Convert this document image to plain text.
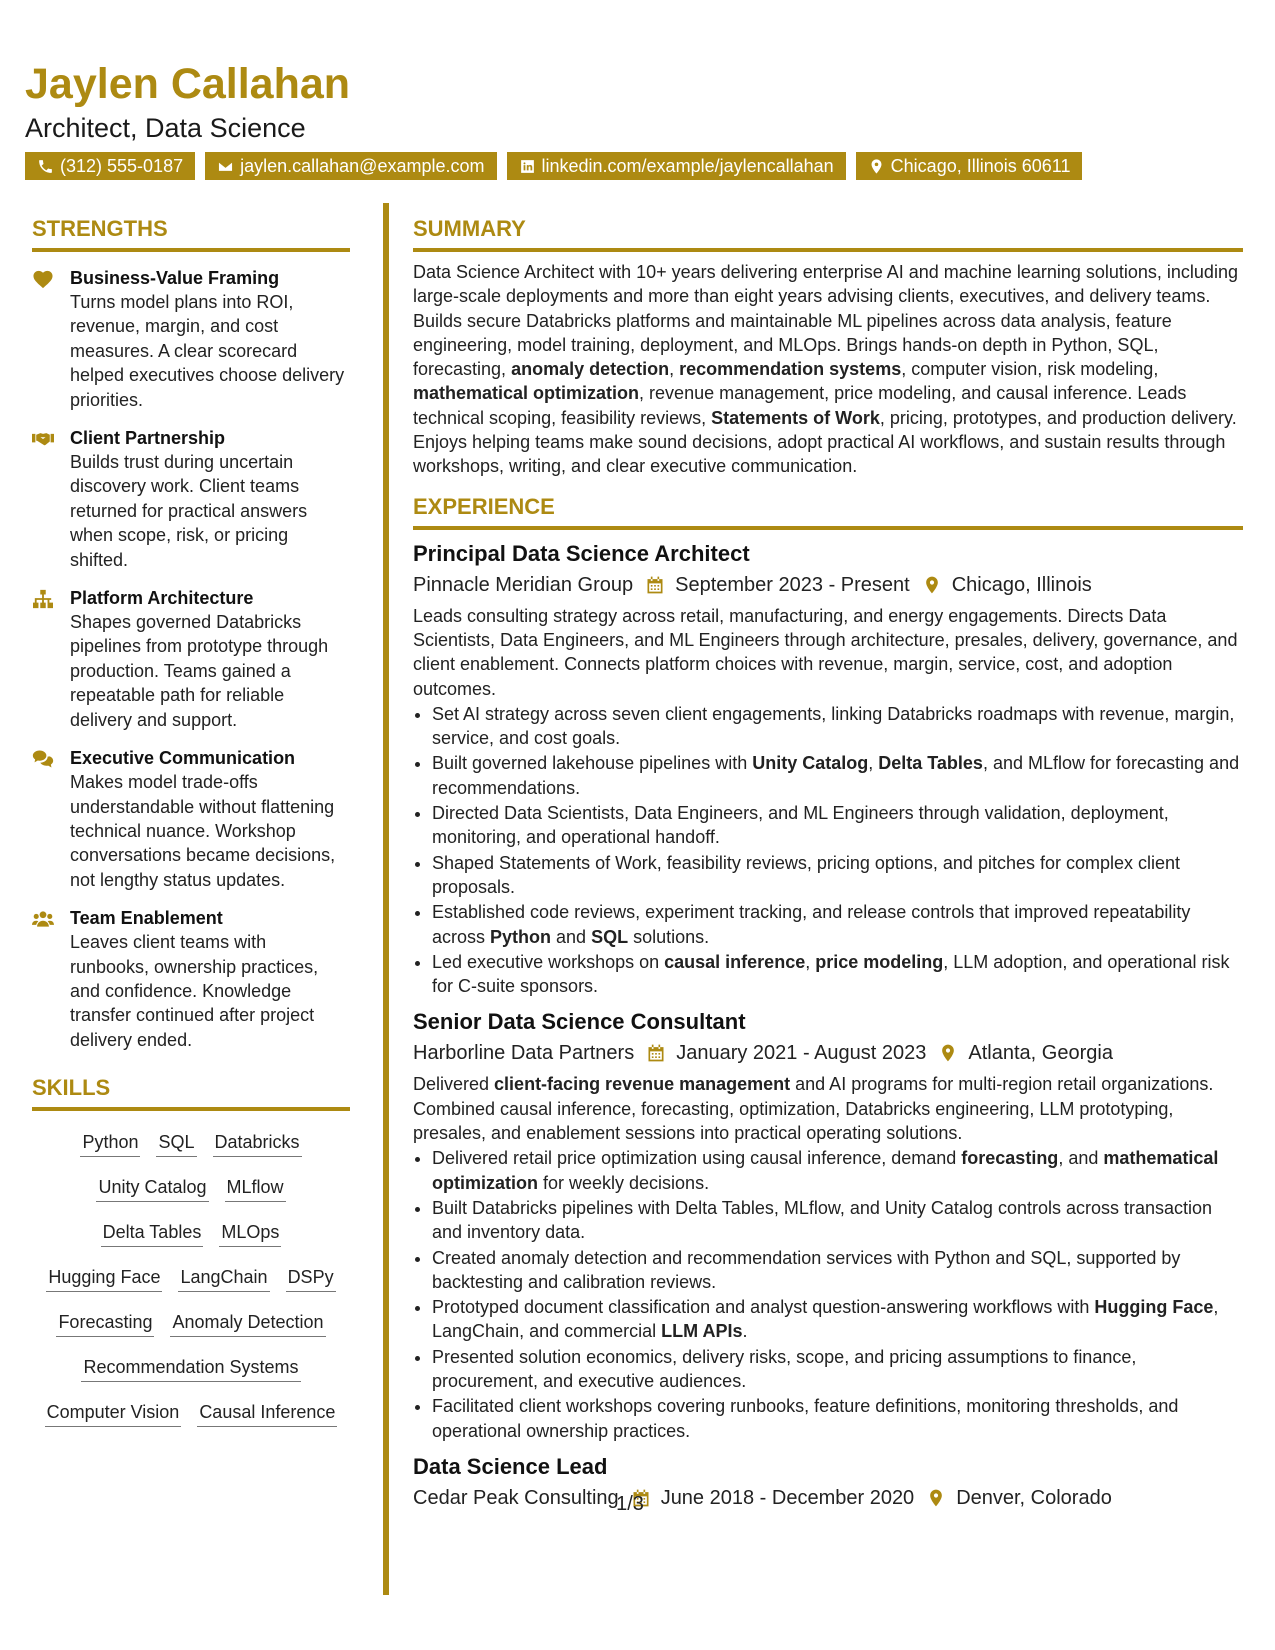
Jaylen Callahan
Architect, Data Science
(312) 555-0187	jaylen.callahan@example.com	linkedin.com/example/jaylencallahan	Chicago, Illinois 60611
STRENGTHS
Business-Value Framing
Turns model plans into ROI, revenue, margin, and cost measures. A clear scorecard helped executives choose delivery priorities.
Client Partnership
Builds trust during uncertain discovery work. Client teams returned for practical answers when scope, risk, or pricing shifted.
Platform Architecture
Shapes governed Databricks pipelines from prototype through production. Teams gained a repeatable path for reliable delivery and support.
Executive Communication
Makes model trade-offs understandable without flattening technical nuance. Workshop conversations became decisions, not lengthy status updates.
Team Enablement
Leaves client teams with runbooks, ownership practices, and confidence. Knowledge transfer continued after project delivery ended.
SKILLS
Python SQL Databricks
Unity Catalog MLflow
Delta Tables MLOps
Hugging Face LangChain DSPy
Forecasting Anomaly Detection
Recommendation Systems
Computer Vision Causal Inference
SUMMARY

Data Science Architect with 10+ years delivering enterprise AI and machine learning solutions, including large-scale deployments and more than eight years advising clients, executives, and delivery teams. Builds secure Databricks platforms and maintainable ML pipelines across data analysis, feature engineering, model training, deployment, and MLOps. Brings hands-on depth in Python, SQL, forecasting, anomaly detection, recommendation systems, computer vision, risk modeling, mathematical optimization, revenue management, price modeling, and causal inference. Leads technical scoping, feasibility reviews, Statements of Work, pricing, prototypes, and production delivery. Enjoys helping teams make sound decisions, adopt practical AI workflows, and sustain results through workshops, writing, and clear executive communication.

EXPERIENCE
Principal Data Science Architect
Pinnacle Meridian Group September 2023 - Present Chicago, Illinois

Leads consulting strategy across retail, manufacturing, and energy engagements. Directs Data Scientists, Data Engineers, and ML Engineers through architecture, presales, delivery, governance, and client enablement. Connects platform choices with revenue, margin, service, cost, and adoption outcomes.

• Set AI strategy across seven client engagements, linking Databricks roadmaps with revenue, margin, service, and cost goals.
• Built governed lakehouse pipelines with Unity Catalog, Delta Tables, and MLflow for forecasting and recommendations.
• Directed Data Scientists, Data Engineers, and ML Engineers through validation, deployment, monitoring, and operational handoff.
• Shaped Statements of Work, feasibility reviews, pricing options, and pitches for complex client proposals.
• Established code reviews, experiment tracking, and release controls that improved repeatability across Python and SQL solutions.
• Led executive workshops on causal inference, price modeling, LLM adoption, and operational risk for C-suite sponsors.
Senior Data Science Consultant
Harborline Data Partners January 2021 - August 2023 Atlanta, Georgia

Delivered client-facing revenue management and AI programs for multi-region retail organizations. Combined causal inference, forecasting, optimization, Databricks engineering, LLM prototyping, presales, and enablement sessions into practical operating solutions.

• Delivered retail price optimization using causal inference, demand forecasting, and mathematical optimization for weekly decisions.
• Built Databricks pipelines with Delta Tables, MLflow, and Unity Catalog controls across transaction and inventory data.
• Created anomaly detection and recommendation services with Python and SQL, supported by backtesting and calibration reviews.
• Prototyped document classification and analyst question-answering workflows with Hugging Face, LangChain, and commercial LLM APIs.
• Presented solution economics, delivery risks, scope, and pricing assumptions to finance, procurement, and executive audiences.
• Facilitated client workshops covering runbooks, feature definitions, monitoring thresholds, and operational ownership practices.
Data Science Lead
Cedar Peak Consulting June 2018 - December 2020 Denver, Colorado
1/3
